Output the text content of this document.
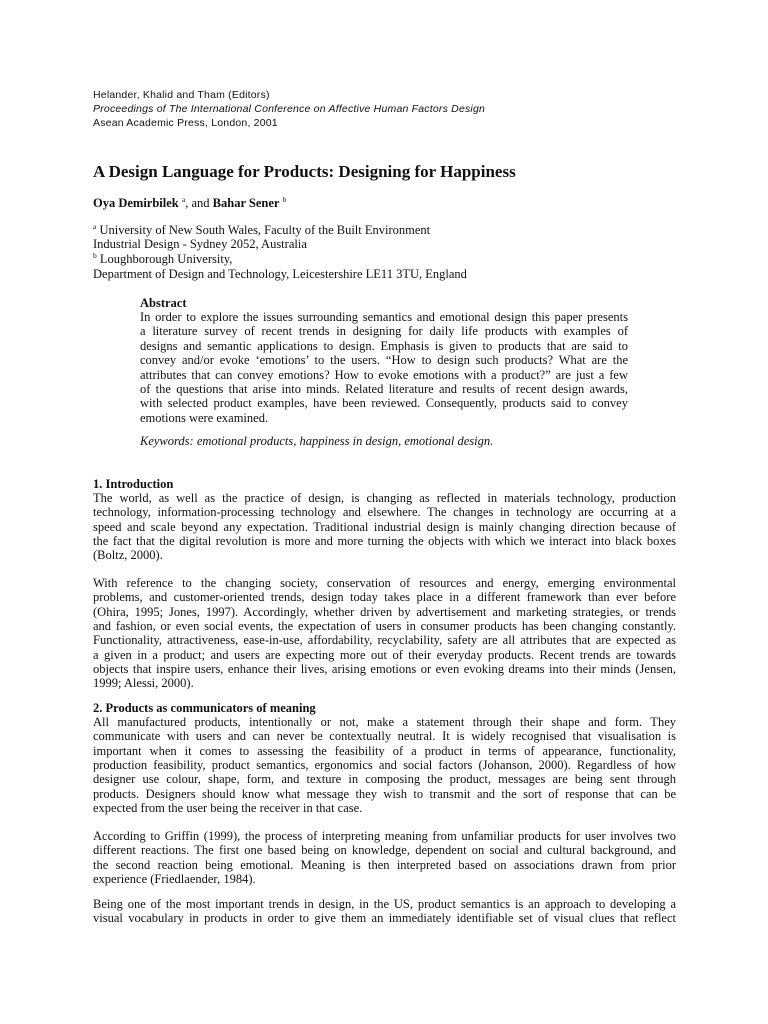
Helander, Khalid and Tham (Editors)
Proceedings of The International Conference on Affective Human Factors Design
Asean Academic Press, London, 2001
A Design Language for Products: Designing for Happiness
Oya Demirbilek $^a$, and Bahar Sener $^b$
$^a$ University of New South Wales, Faculty of the Built Environment
Industrial Design - Sydney 2052, Australia
$^b$ Loughborough University,
Department of Design and Technology, Leicestershire LE11 3TU, England
Abstract
In order to explore the issues surrounding semantics and emotional design this paper presents
a literature survey of recent trends in designing for daily life products with examples of
designs and semantic applications to design. Emphasis is given to products that are said to
convey and/or evoke ‘emotions’ to the users. “How to design such products? What are the
attributes that can convey emotions? How to evoke emotions with a product?” are just a few
of the questions that arise into minds. Related literature and results of recent design awards,
with selected product examples, have been reviewed. Consequently, products said to convey
emotions were examined.
Keywords: emotional products, happiness in design, emotional design.
1. Introduction
The world, as well as the practice of design, is changing as reflected in materials technology, production
technology, information-processing technology and elsewhere. The changes in technology are occurring at a
speed and scale beyond any expectation. Traditional industrial design is mainly changing direction because of
the fact that the digital revolution is more and more turning the objects with which we interact into black boxes
(Boltz, 2000).
With reference to the changing society, conservation of resources and energy, emerging environmental
problems, and customer-oriented trends, design today takes place in a different framework than ever before
(Ohira, 1995; Jones, 1997). Accordingly, whether driven by advertisement and marketing strategies, or trends
and fashion, or even social events, the expectation of users in consumer products has been changing constantly.
Functionality, attractiveness, ease-in-use, affordability, recyclability, safety are all attributes that are expected as
a given in a product; and users are expecting more out of their everyday products. Recent trends are towards
objects that inspire users, enhance their lives, arising emotions or even evoking dreams into their minds (Jensen,
1999; Alessi, 2000).
2. Products as communicators of meaning
All manufactured products, intentionally or not, make a statement through their shape and form. They
communicate with users and can never be contextually neutral. It is widely recognised that visualisation is
important when it comes to assessing the feasibility of a product in terms of appearance, functionality,
production feasibility, product semantics, ergonomics and social factors (Johanson, 2000). Regardless of how
designer use colour, shape, form, and texture in composing the product, messages are being sent through
products. Designers should know what message they wish to transmit and the sort of response that can be
expected from the user being the receiver in that case.
According to Griffin (1999), the process of interpreting meaning from unfamiliar products for user involves two
different reactions. The first one based being on knowledge, dependent on social and cultural background, and
the second reaction being emotional. Meaning is then interpreted based on associations drawn from prior
experience (Friedlaender, 1984).
Being one of the most important trends in design, in the US, product semantics is an approach to developing a
visual vocabulary in products in order to give them an immediately identifiable set of visual clues that reflect
